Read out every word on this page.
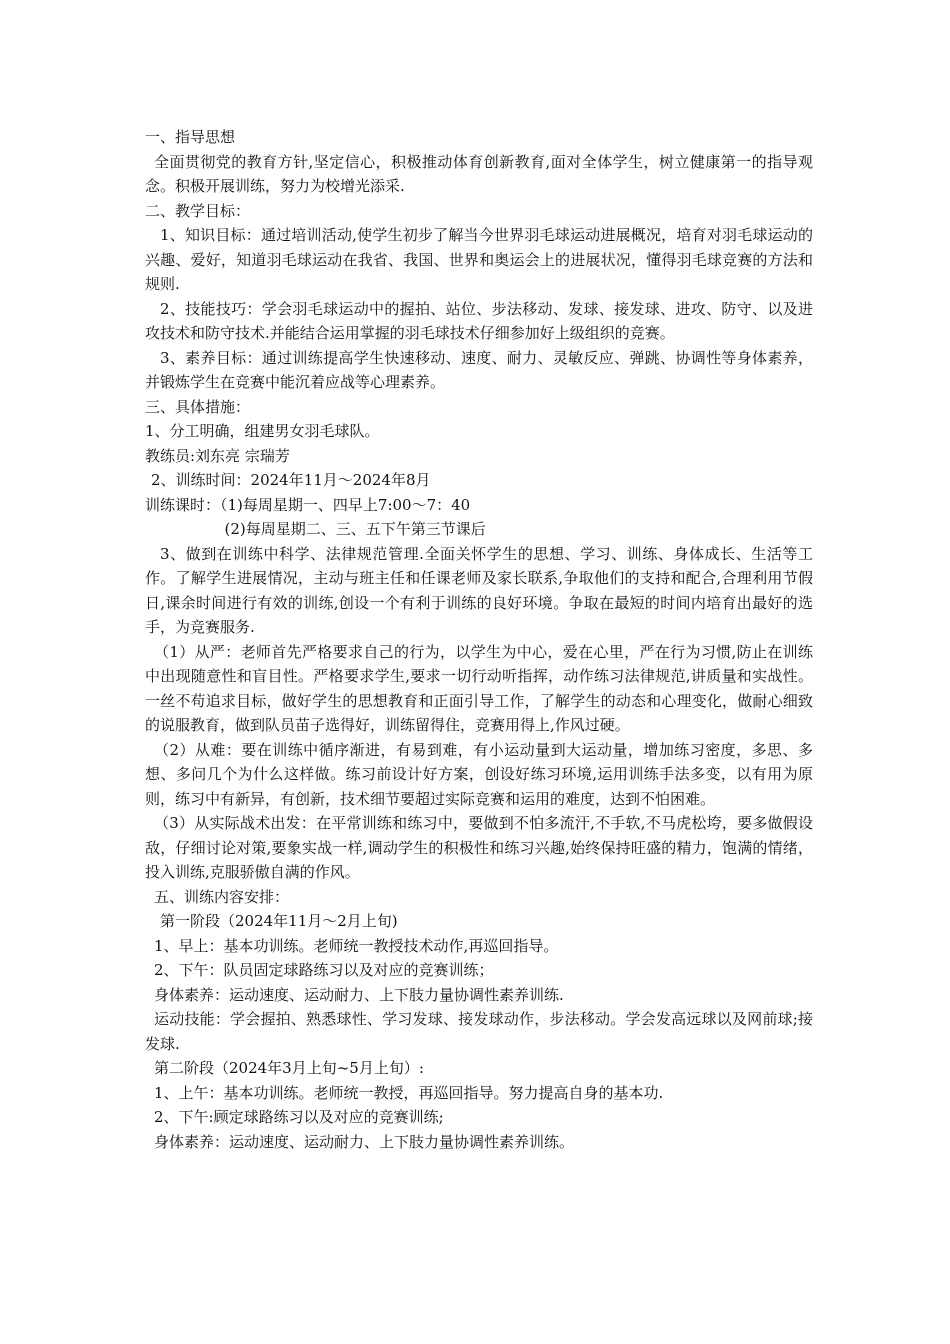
一、指导思想

全面贯彻党的教育方针,坚定信心，积极推动体育创新教育,面对全体学生，树立健康第一的指导观念。积极开展训练，努力为校增光添采.

二、教学目标：

1、知识目标：通过培训活动,使学生初步了解当今世界羽毛球运动进展概况，培育对羽毛球运动的兴趣、爱好，知道羽毛球运动在我省、我国、世界和奥运会上的进展状况，懂得羽毛球竞赛的方法和规则.

2、技能技巧：学会羽毛球运动中的握拍、站位、步法移动、发球、接发球、进攻、防守、以及进攻技术和防守技术.并能结合运用掌握的羽毛球技术仔细参加好上级组织的竞赛。

3、素养目标：通过训练提高学生快速移动、速度、耐力、灵敏反应、弹跳、协调性等身体素养，并锻炼学生在竞赛中能沉着应战等心理素养。

三、具体措施：

1、分工明确，组建男女羽毛球队。

教练员:刘东亮 宗瑞芳

2、训练时间：2024年11月～2024年8月

训练课时：（1)每周星期一、四早上7:00～7：40

(2)每周星期二、三、五下午第三节课后

3、做到在训练中科学、法律规范管理.全面关怀学生的思想、学习、训练、身体成长、生活等工作。了解学生进展情况，主动与班主任和任课老师及家长联系,争取他们的支持和配合,合理利用节假日,课余时间进行有效的训练,创设一个有利于训练的良好环境。争取在最短的时间内培育出最好的选手，为竞赛服务.

（1）从严：老师首先严格要求自己的行为，以学生为中心，爱在心里，严在行为习惯,防止在训练中出现随意性和盲目性。严格要求学生,要求一切行动听指挥，动作练习法律规范,讲质量和实战性。一丝不苟追求目标，做好学生的思想教育和正面引导工作，了解学生的动态和心理变化，做耐心细致的说服教育，做到队员苗子选得好，训练留得住，竞赛用得上,作风过硬。

（2）从难：要在训练中循序渐进，有易到难，有小运动量到大运动量，增加练习密度，多思、多想、多问几个为什么这样做。练习前设计好方案，创设好练习环境,运用训练手法多变，以有用为原则，练习中有新异，有创新，技术细节要超过实际竞赛和运用的难度，达到不怕困难。

（3）从实际战术出发：在平常训练和练习中，要做到不怕多流汗,不手软,不马虎松垮，要多做假设敌，仔细讨论对策,要象实战一样,调动学生的积极性和练习兴趣,始终保持旺盛的精力，饱满的情绪，投入训练,克服骄傲自满的作风。

五、训练内容安排：

第一阶段（2024年11月～2月上旬)

1、早上：基本功训练。老师统一教授技术动作,再巡回指导。

2、下午：队员固定球路练习以及对应的竞赛训练；

身体素养：运动速度、运动耐力、上下肢力量协调性素养训练.

运动技能：学会握拍、熟悉球性、学习发球、接发球动作，步法移动。学会发高远球以及网前球;接发球.

第二阶段（2024年3月上旬~5月上旬）:

1、上午：基本功训练。老师统一教授，再巡回指导。努力提高自身的基本功.

2、下午:顾定球路练习以及对应的竞赛训练;

身体素养：运动速度、运动耐力、上下肢力量协调性素养训练。
